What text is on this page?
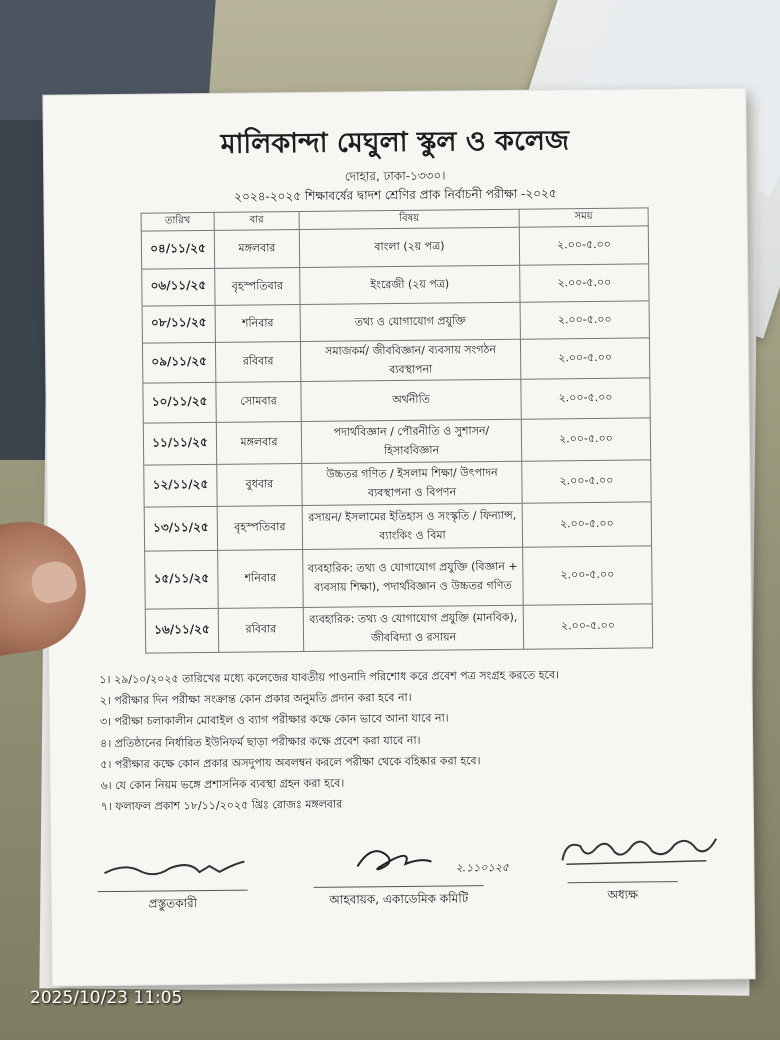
মালিকান্দা মেঘুলা স্কুল ও কলেজ
দোহার, ঢাকা-১৩৩০।
২০২৪-২০২৫ শিক্ষাবর্ষের দ্বাদশ শ্রেণির প্রাক নির্বাচনী পরীক্ষা -২০২৫
তারিখ	বার	বিষয়	সময়
০৪/১১/২৫	মঙ্গলবার	বাংলা (২য় পত্র)	২.০০-৫.০০
০৬/১১/২৫	বৃহস্পতিবার	ইংরেজী (২য় পত্র)	২.০০-৫.০০
০৮/১১/২৫	শনিবার	তথ্য ও যোগাযোগ প্রযুক্তি	২.০০-৫.০০
০৯/১১/২৫	রবিবার	সমাজকর্ম/ জীববিজ্ঞান/ ব্যবসায় সংগঠন ব্যবস্থাপনা	২.০০-৫.০০
১০/১১/২৫	সোমবার	অর্থনীতি	২.০০-৫.০০
১১/১১/২৫	মঙ্গলবার	পদার্থবিজ্ঞান / পৌরনীতি ও সুশাসন/ হিসাববিজ্ঞান	২.০০-৫.০০
১২/১১/২৫	বুধবার	উচ্চতর গণিত / ইসলাম শিক্ষা/ উৎপাদন ব্যবস্থাপনা ও বিপণন	২.০০-৫.০০
১৩/১১/২৫	বৃহস্পতিবার	রসায়ন/ ইসলামের ইতিহাস ও সংস্কৃতি / ফিন্যান্স, ব্যাংকিং ও বিমা	২.০০-৫.০০
১৫/১১/২৫	শনিবার	ব্যবহারিক: তথ্য ও যোগাযোগ প্রযুক্তি (বিজ্ঞান + ব্যবসায় শিক্ষা), পদার্থবিজ্ঞান ও উচ্চতর গণিত	২.০০-৫.০০
১৬/১১/২৫	রবিবার	ব্যবহারিক: তথ্য ও যোগাযোগ প্রযুক্তি (মানবিক), জীববিদ্যা ও রসায়ন	২.০০-৫.০০
১। ২৯/১০/২০২৫ তারিখের মধ্যে কলেজের যাবতীয় পাওনাদি পরিশোধ করে প্রবেশ পত্র সংগ্রহ করতে হবে।
২। পরীক্ষার দিন পরীক্ষা সংক্রান্ত কোন প্রকার অনুমতি প্রদান করা হবে না।
৩। পরীক্ষা চলাকালীন মোবাইল ও ব্যাগ পরীক্ষার কক্ষে কোন ভাবে আনা যাবে না।
৪। প্রতিষ্ঠানের নির্ধারিত ইউনিফর্ম ছাড়া পরীক্ষার কক্ষে প্রবেশ করা যাবে না।
৫। পরীক্ষার কক্ষে কোন প্রকার অসদুপায় অবলম্বন করলে পরীক্ষা থেকে বহিষ্কার করা হবে।
৬। যে কোন নিয়ম ভঙ্গে প্রশাসনিক ব্যবস্থা গ্রহন করা হবে।
৭। ফলাফল প্রকাশ ১৮/১১/২০২৫ খ্রিঃ রোজঃ মঙ্গলবার
প্রস্তুতকারী
২.১১০১২৫
আহবায়ক, একাডেমিক কমিটি	অধ্যক্ষ
2025/10/23 11:05
